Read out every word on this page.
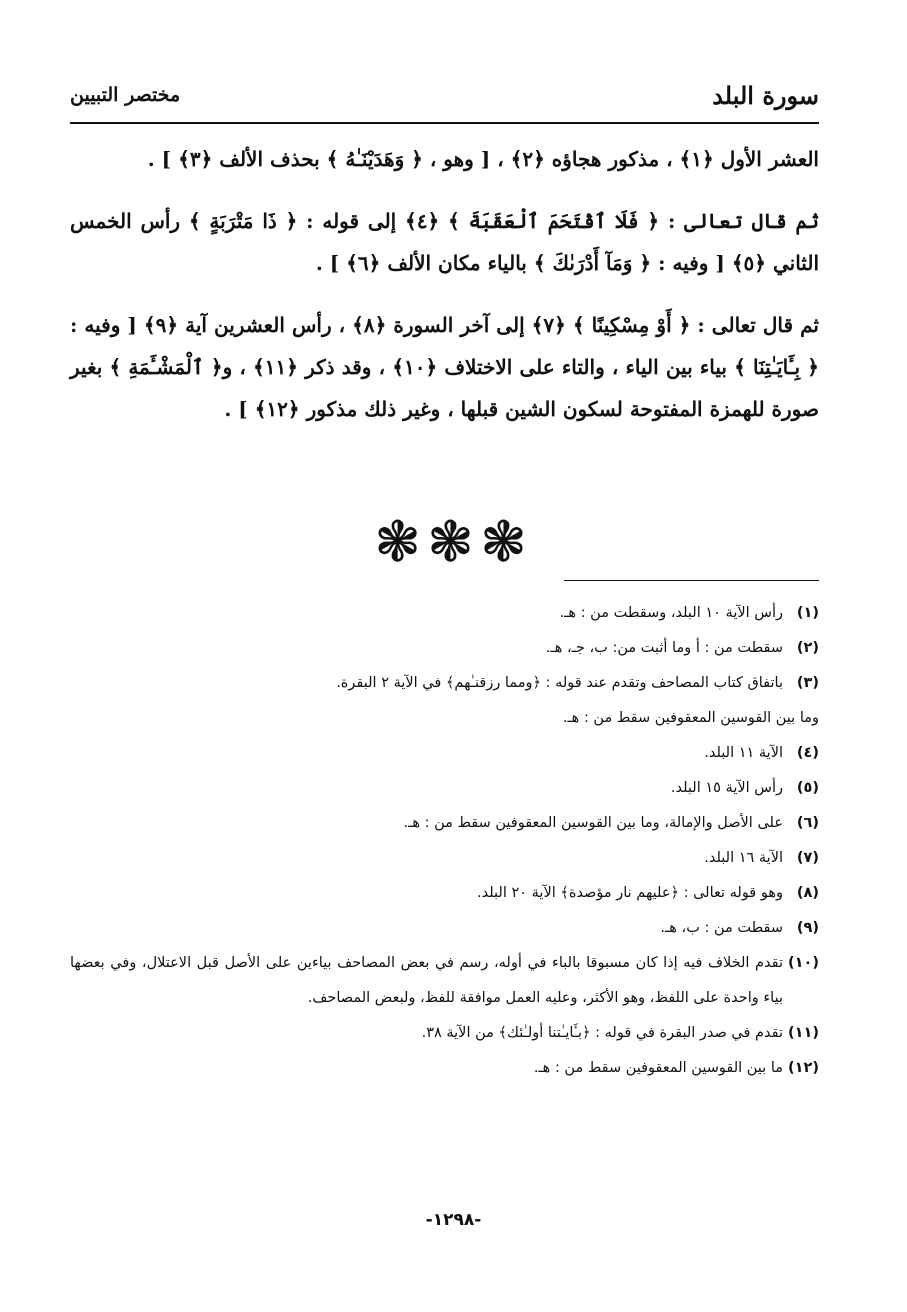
سورة البلد
مختصر التبيين

العشر الأول ﴿١﴾ ، مذكور هجاؤه ﴿٢﴾ ، [ وهو ، ﴿ وَهَدَيْنَـٰهُ ﴾ بحذف الألف ﴿٣﴾ ] .

ثم قال تعالى : ﴿ فَلَا ٱقْتَحَمَ ٱلْعَقَبَةَ ﴾ ﴿٤﴾ إلى قوله : ﴿ ذَا مَتْرَبَةٍ ﴾ رأس الخمس الثاني ﴿٥﴾ [ وفيه : ﴿ وَمَآ أَدْرَىٰكَ ﴾ بالياء مكان الألف ﴿٦﴾ ] .

ثم قال تعالى : ﴿ أَوْ مِسْكِينًا ﴾ ﴿٧﴾ إلى آخر السورة ﴿٨﴾ ، رأس العشرين آية ﴿٩﴾ [ وفيه : ﴿ بِـَٔايَـٰتِنَا ﴾ بياء بين الياء ، والتاء على الاختلاف ﴿١٠﴾ ، وقد ذكر ﴿١١﴾ ، و﴿ ٱلْمَشْـَٔمَةِ ﴾ بغير صورة للهمزة المفتوحة لسكون الشين قبلها ، وغير ذلك مذكور ﴿١٢﴾ ] .

❃❃❃
(١)
رأس الآية ١٠ البلد، وسقطت من : هـ.
(٢)
سقطت من : أ وما أثبت من: ب، جـ، هـ.
(٣)
باتفاق كتاب المصاحف وتقدم عند قوله : ﴿ومما رزقنـٰهم﴾ في الآية ٢ البقرة.
وما بين القوسين المعقوفين سقط من : هـ.
(٤)
الآية ١١ البلد.
(٥)
رأس الآية ١٥ البلد.
(٦)
على الأصل والإمالة، وما بين القوسين المعقوفين سقط من : هـ.
(٧)
الآية ١٦ البلد.
(٨)
وهو قوله تعالى : ﴿عليهم نار مؤصدة﴾ الآية ٢٠ البلد.
(٩)
سقطت من : ب، هـ.
(١٠)
تقدم الخلاف فيه إذا كان مسبوقا بالباء في أوله، رسم في بعض المصاحف بياءين على الأصل قبل الاعتلال، وفي بعضها بياء واحدة على اللفظ، وهو الأكثر، وعليه العمل موافقة للفظ، ولبعض المصاحف.
(١١)
تقدم في صدر البقرة في قوله : ﴿بـَٔايـٰتنا أولـٰئك﴾ من الآية ٣٨.
(١٢)
ما بين القوسين المعقوفين سقط من : هـ.
-١٢٩٨-
